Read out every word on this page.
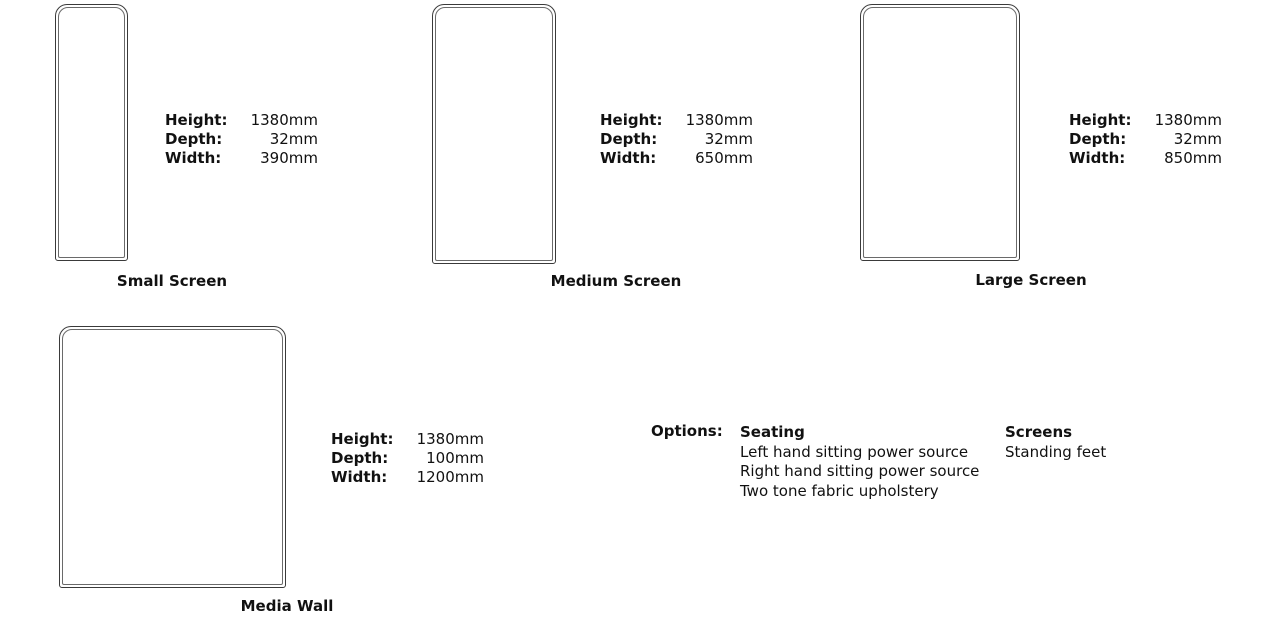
Height: 1380mm
Depth:	32mm
Width:	390mm
Small Screen
Height: 1380mm
Depth:	32mm
Width:	650mm
Medium Screen
Height: 1380mm
Depth:	32mm
Width:	850mm
Large Screen
Height: 1380mm
Depth:	100mm
Width: 1200mm
Media Wall
Options: Seating
Left hand sitting power source
Right hand sitting power source
Two tone fabric upholstery
Screens
Standing feet
